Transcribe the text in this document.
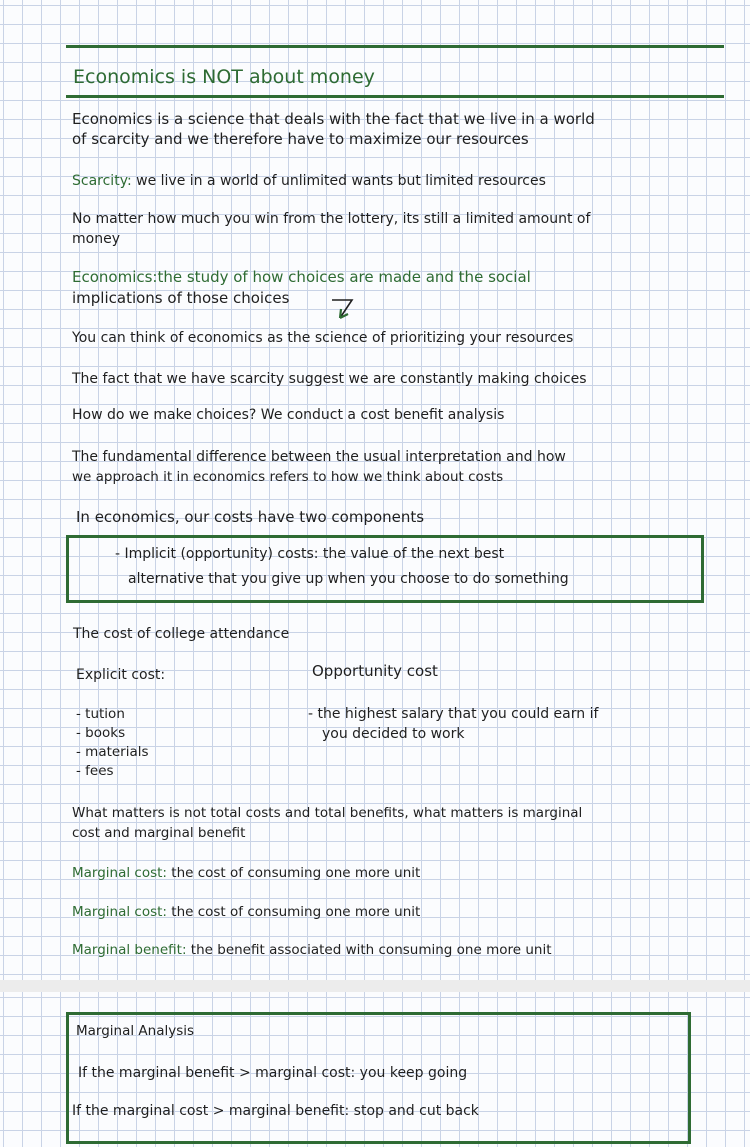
Economics is NOT about money
Economics is a science that deals with the fact that we live in a world
of scarcity and we therefore have to maximize our resources
Scarcity: we live in a world of unlimited wants but limited resources
No matter how much you win from the lottery, its still a limited amount of
money
Economics:the study of how choices are made and the social
implications of those choices
You can think of economics as the science of prioritizing your resources
The fact that we have scarcity suggest we are constantly making choices
How do we make choices? We conduct a cost benefit analysis
The fundamental difference between the usual interpretation and how
we approach it in economics refers to how we think about costs
In economics, our costs have two components
- Implicit (opportunity) costs: the value of the next best
alternative that you give up when you choose to do something
The cost of college attendance
Explicit cost:	Opportunity cost
- tution
- books
- materials
- fees
- the highest salary that you could earn if
you decided to work
What matters is not total costs and total benefits, what matters is marginal
cost and marginal benefit
Marginal cost: the cost of consuming one more unit
Marginal cost: the cost of consuming one more unit
Marginal benefit: the benefit associated with consuming one more unit
Marginal Analysis
If the marginal benefit > marginal cost: you keep going
If the marginal cost > marginal benefit: stop and cut back
